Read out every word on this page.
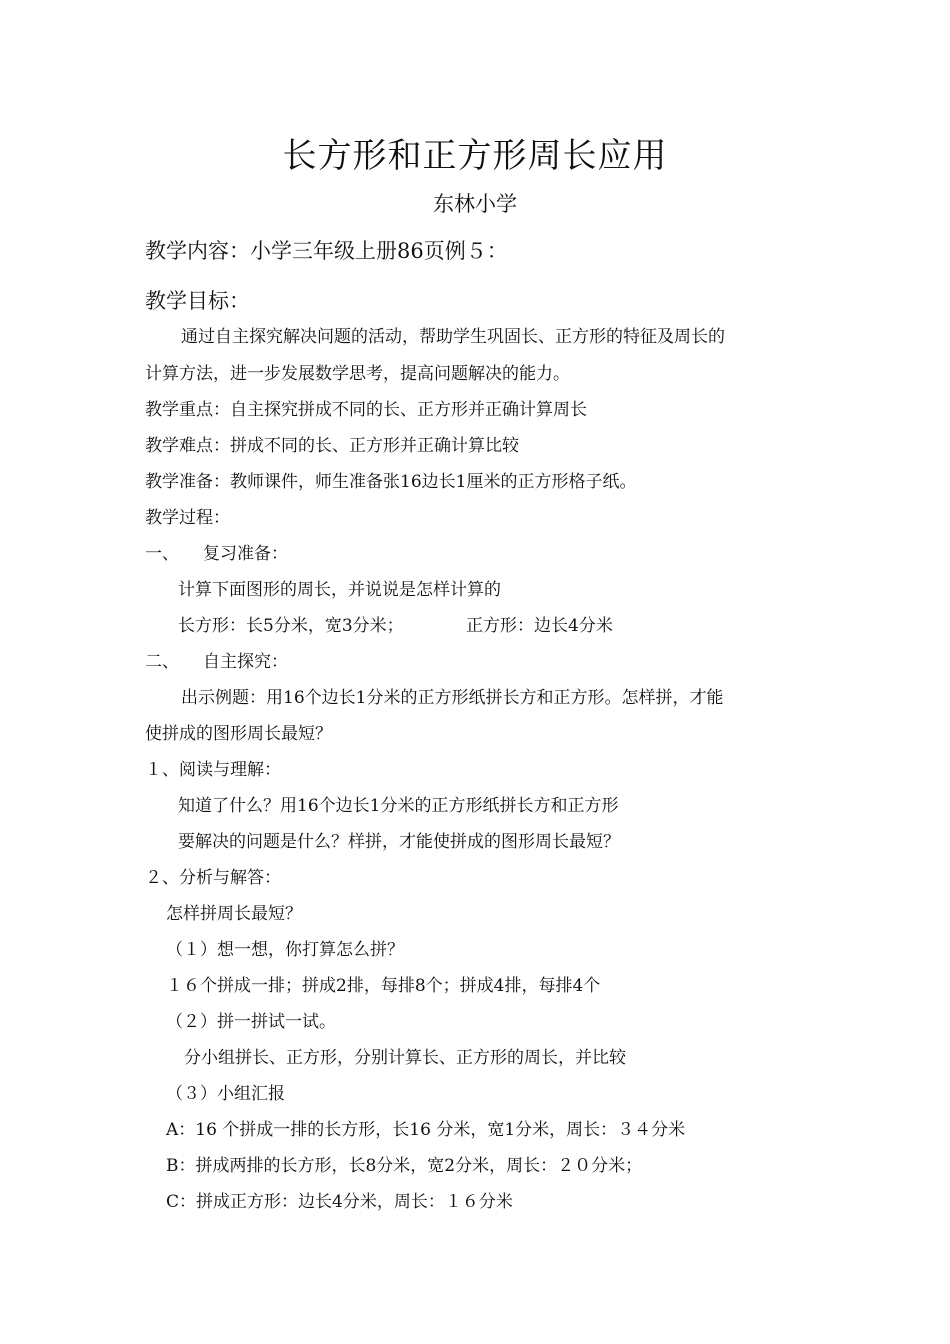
长方形和正方形周长应用
东林小学
教学内容：小学三年级上册86页例５：
教学目标：
通过自主探究解决问题的活动，帮助学生巩固长、正方形的特征及周长的
计算方法，进一步发展数学思考，提高问题解决的能力。
教学重点：自主探究拼成不同的长、正方形并正确计算周长
教学难点：拼成不同的长、正方形并正确计算比较
教学准备：教师课件，师生准备张16边长1厘米的正方形格子纸。
教学过程：
一、 复习准备：
计算下面图形的周长，并说说是怎样计算的
长方形：长5分米，宽3分米；	正方形：边长4分米
二、 自主探究：
出示例题：用16个边长1分米的正方形纸拼长方和正方形。怎样拼，才能
使拼成的图形周长最短？
１、阅读与理解：
知道了什么？用16个边长1分米的正方形纸拼长方和正方形
要解决的问题是什么？样拼，才能使拼成的图形周长最短？
２、分析与解答：
怎样拼周长最短？
（１）想一想，你打算怎么拼？
１６个拼成一排；拼成2排，每排8个；拼成4排，每排4个
（２）拼一拼试一试。
分小组拼长、正方形，分别计算长、正方形的周长，并比较
（３）小组汇报
A：16 个拼成一排的长方形，长16 分米，宽1分米，周长：３４分米
B：拼成两排的长方形，长8分米，宽2分米，周长：２０分米；
C：拼成正方形：边长4分米，周长：１６分米
